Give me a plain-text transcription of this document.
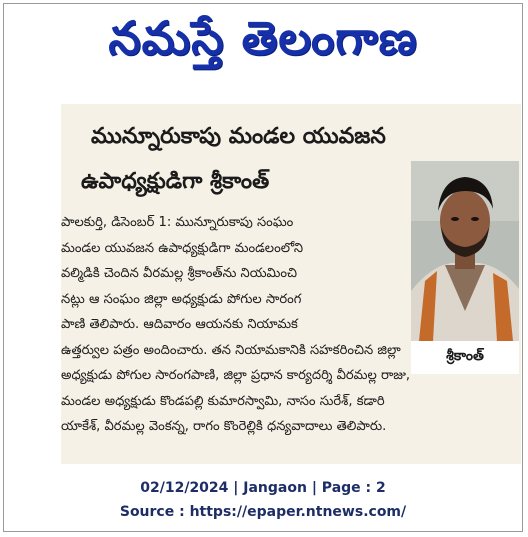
నమస్తే తెలంగాణ
మున్నూరుకాపు మండల యువజన
ఉపాధ్యక్షుడిగా శ్రీకాంత్
శ్రీకాంత్
పాలకుర్తి, డిసెంబర్ 1: మున్నూరుకాపు సంఘం
మండల యువజన ఉపాధ్యక్షుడిగా మండలంలోని
వల్మిడికి చెందిన వీరమల్ల శ్రీకాంత్‌ను నియమించి
నట్లు ఆ సంఘం జిల్లా అధ్యక్షుడు పోగుల సారంగ
పాణి తెలిపారు. ఆదివారం ఆయనకు నియామక
ఉత్తర్వుల పత్రం అందించారు. తన నియామకానికి సహకరించిన జిల్లా
అధ్యక్షుడు పోగుల సారంగపాణి, జిల్లా ప్రధాన కార్యదర్శి వీరమల్ల రాజు,
మండల అధ్యక్షుడు కొండపల్లి కుమారస్వామి, నాసం సురేశ్, కడారి
యాకేశ్, వీరమల్ల వెంకన్న, రాగం కొంరెల్లికి ధన్యవాదాలు తెలిపారు.
02/12/2024 | Jangaon | Page : 2
Source : https://epaper.ntnews.com/
